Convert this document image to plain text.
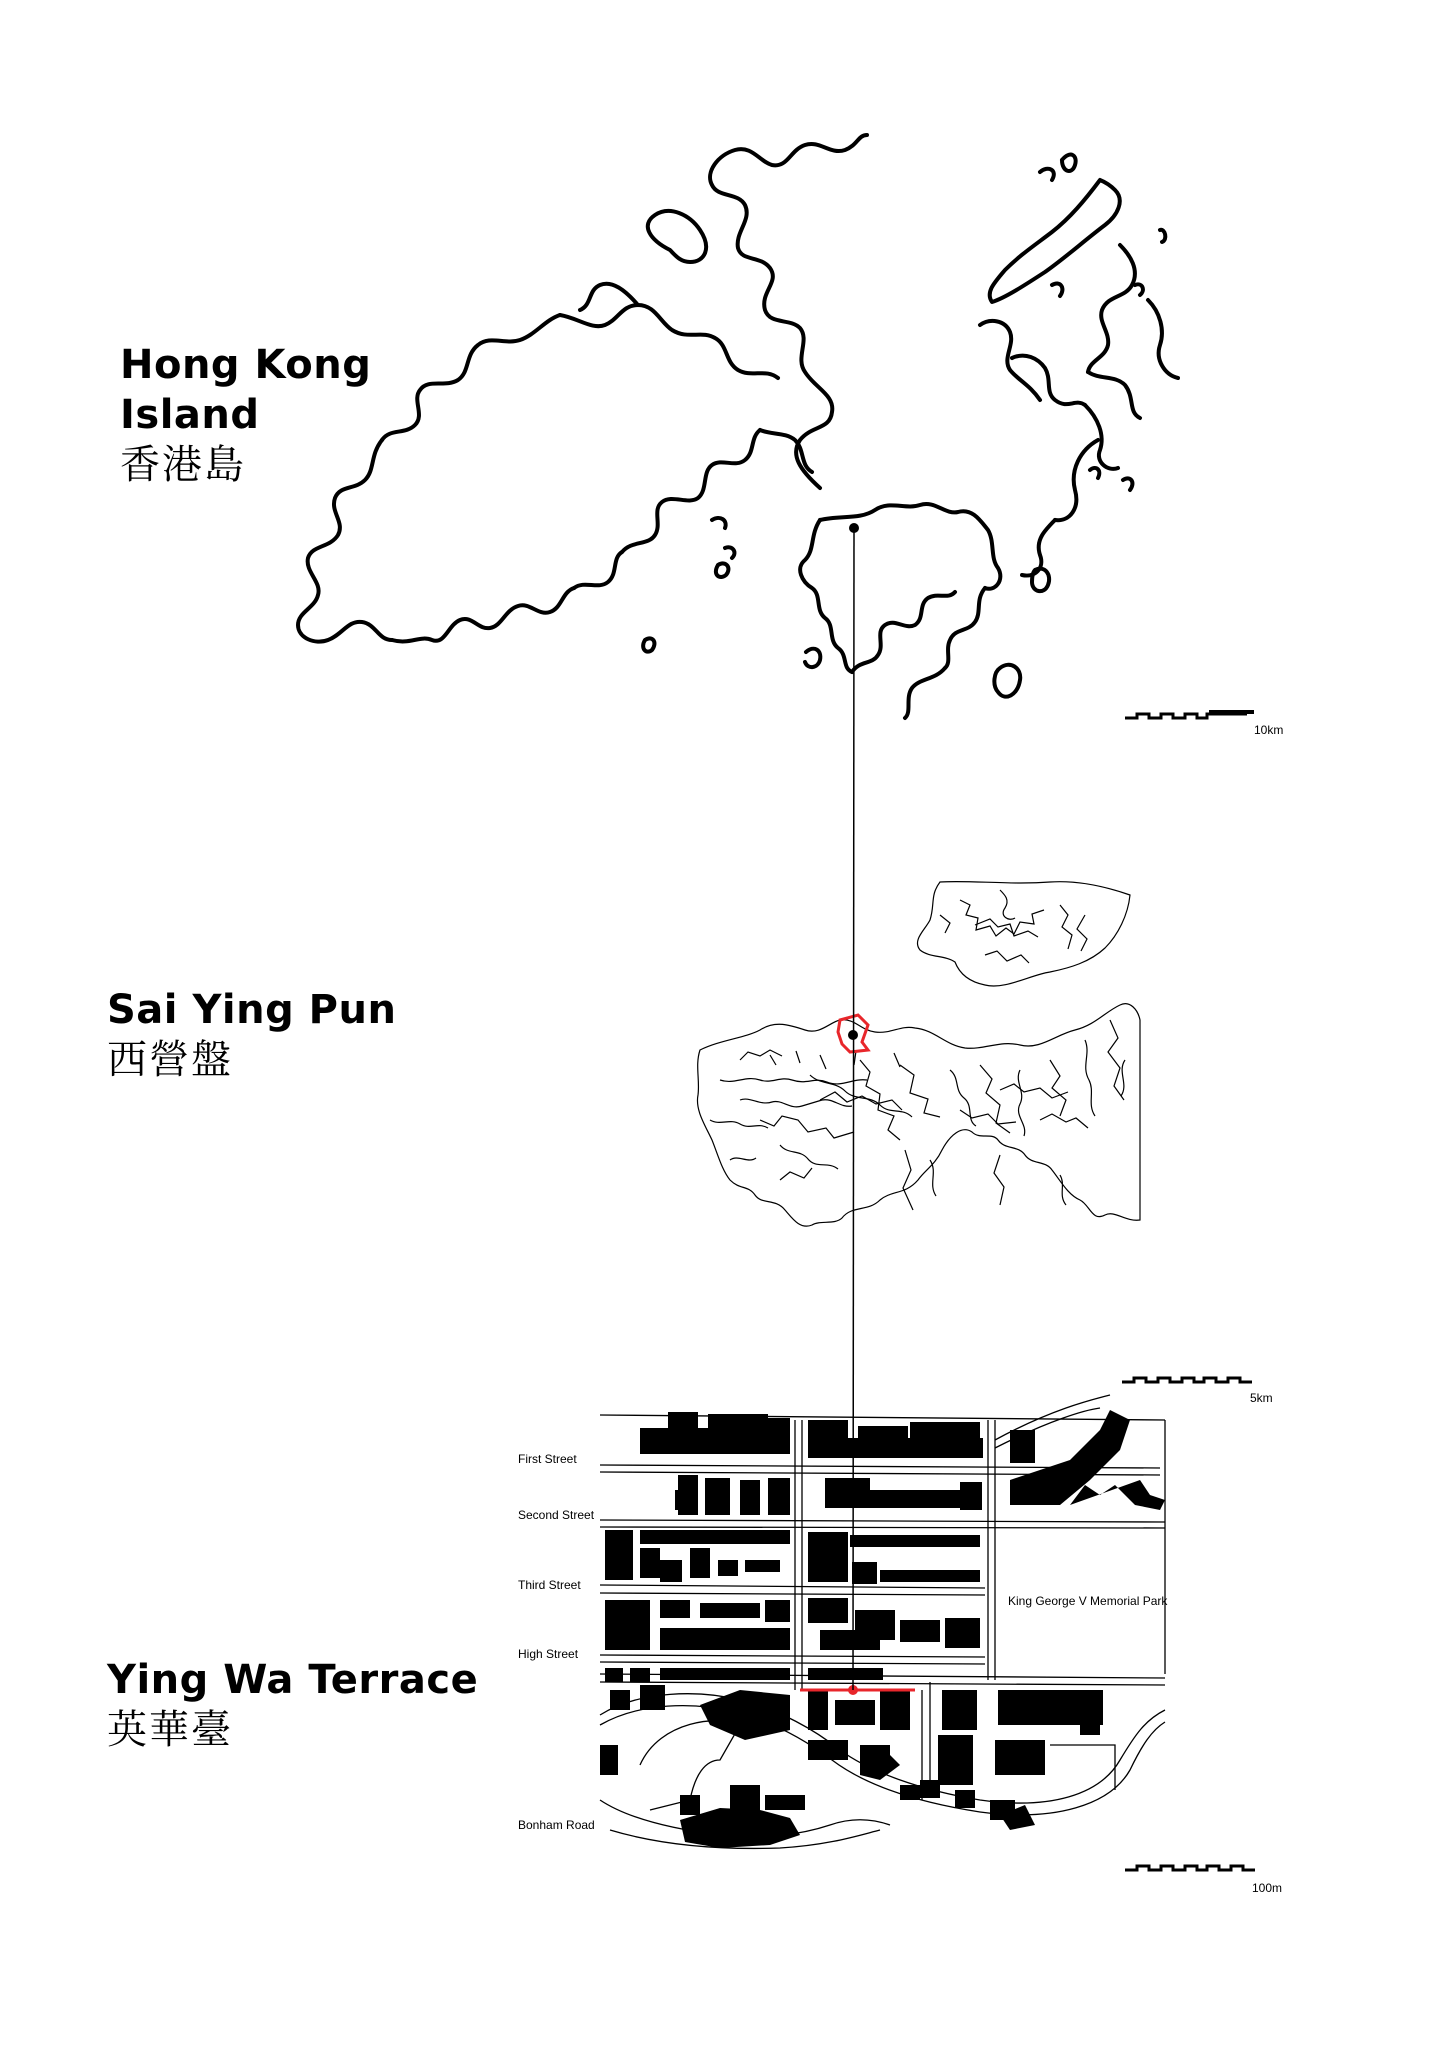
Hong Kong
Island
香港島
Sai Ying Pun
西營盤
Ying Wa Terrace
英華臺
10km
5km
First Street
Second Street
Third Street
High Street
Bonham Road
King George V Memorial Park
100m
